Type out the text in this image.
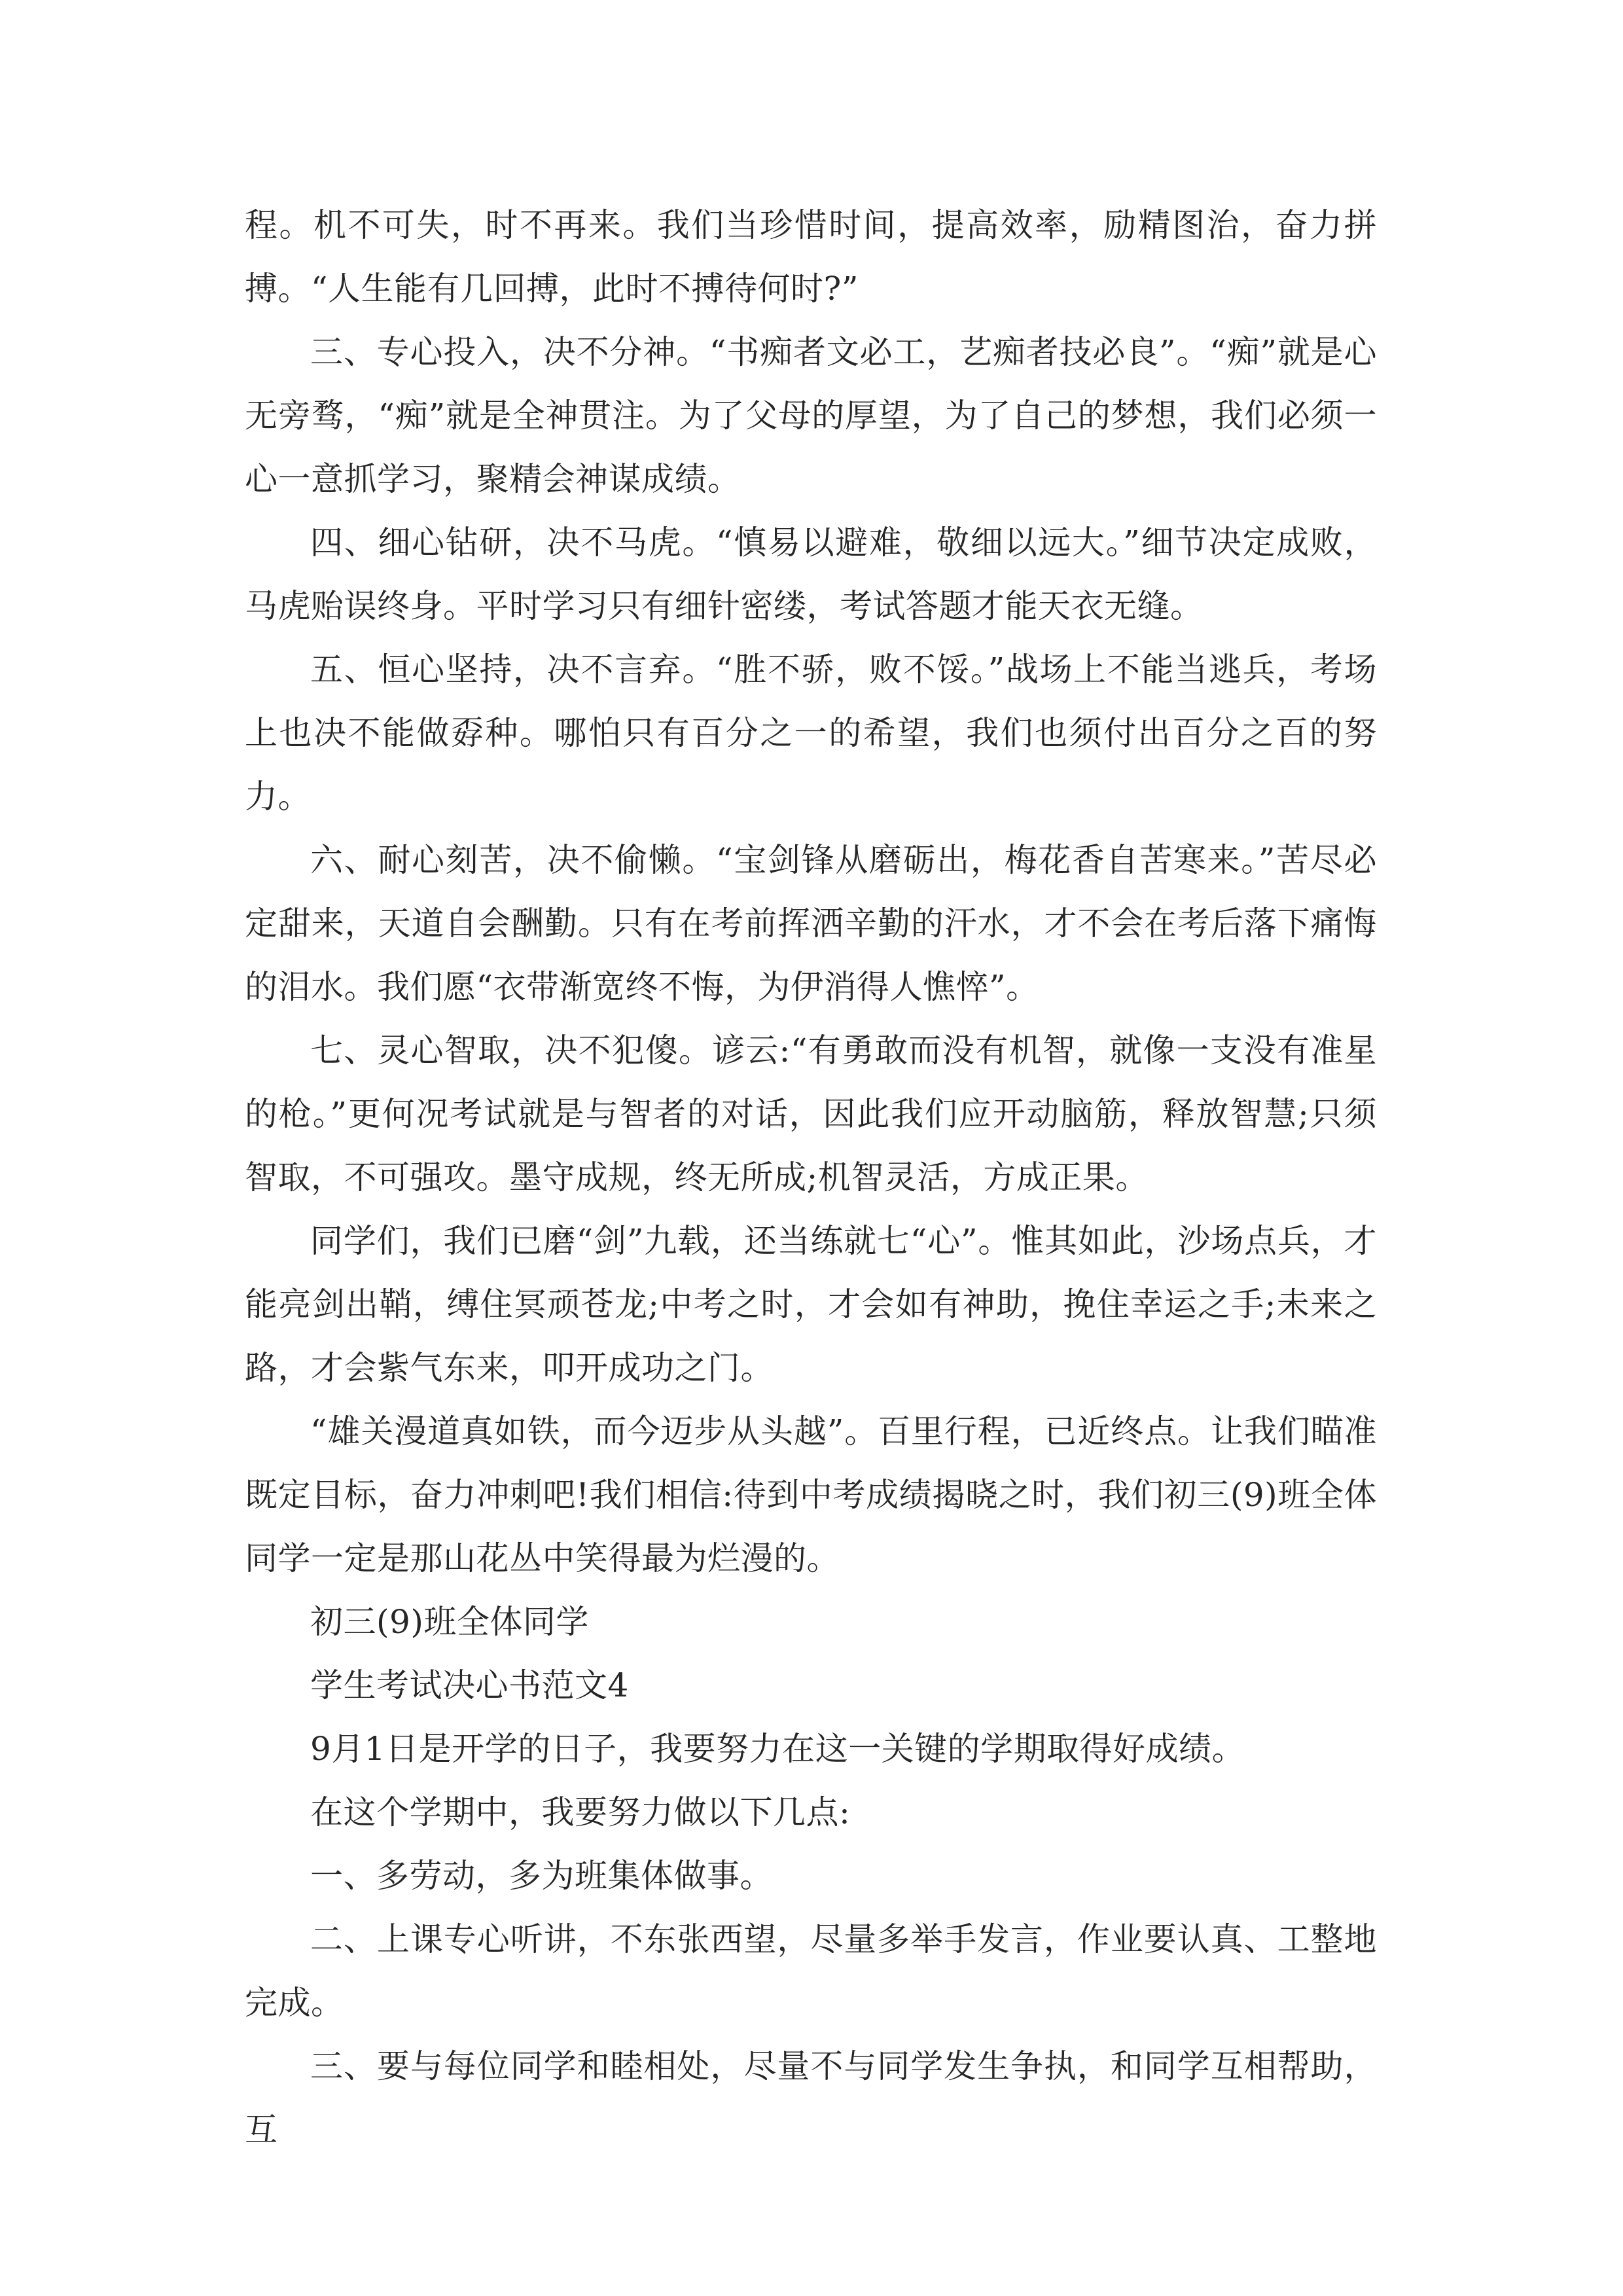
程。机不可失，时不再来。我们当珍惜时间，提高效率，励精图治，奋力拼搏。“人生能有几回搏，此时不搏待何时?”

三、专心投入，决不分神。“书痴者文必工，艺痴者技必良”。“痴”就是心无旁骛，“痴”就是全神贯注。为了父母的厚望，为了自己的梦想，我们必须一心一意抓学习，聚精会神谋成绩。

四、细心钻研，决不马虎。“慎易以避难，敬细以远大。”细节决定成败，马虎贻误终身。平时学习只有细针密缕，考试答题才能天衣无缝。

五、恒心坚持，决不言弃。“胜不骄，败不馁。”战场上不能当逃兵，考场上也决不能做孬种。哪怕只有百分之一的希望，我们也须付出百分之百的努力。

六、耐心刻苦，决不偷懒。“宝剑锋从磨砺出，梅花香自苦寒来。”苦尽必定甜来，天道自会酬勤。只有在考前挥洒辛勤的汗水，才不会在考后落下痛悔的泪水。我们愿“衣带渐宽终不悔，为伊消得人憔悴”。

七、灵心智取，决不犯傻。谚云:“有勇敢而没有机智，就像一支没有准星的枪。”更何况考试就是与智者的对话，因此我们应开动脑筋，释放智慧;只须智取，不可强攻。墨守成规，终无所成;机智灵活，方成正果。

同学们，我们已磨“剑”九载，还当练就七“心”。惟其如此，沙场点兵，才能亮剑出鞘，缚住冥顽苍龙;中考之时，才会如有神助，挽住幸运之手;未来之路，才会紫气东来，叩开成功之门。

“雄关漫道真如铁，而今迈步从头越”。百里行程，已近终点。让我们瞄准既定目标，奋力冲刺吧!我们相信:待到中考成绩揭晓之时，我们初三(9)班全体同学一定是那山花丛中笑得最为烂漫的。

初三(9)班全体同学

学生考试决心书范文4

9月1日是开学的日子，我要努力在这一关键的学期取得好成绩。

在这个学期中，我要努力做以下几点:

一、多劳动，多为班集体做事。

二、上课专心听讲，不东张西望，尽量多举手发言，作业要认真、工整地完成。

三、要与每位同学和睦相处，尽量不与同学发生争执，和同学互相帮助，互
